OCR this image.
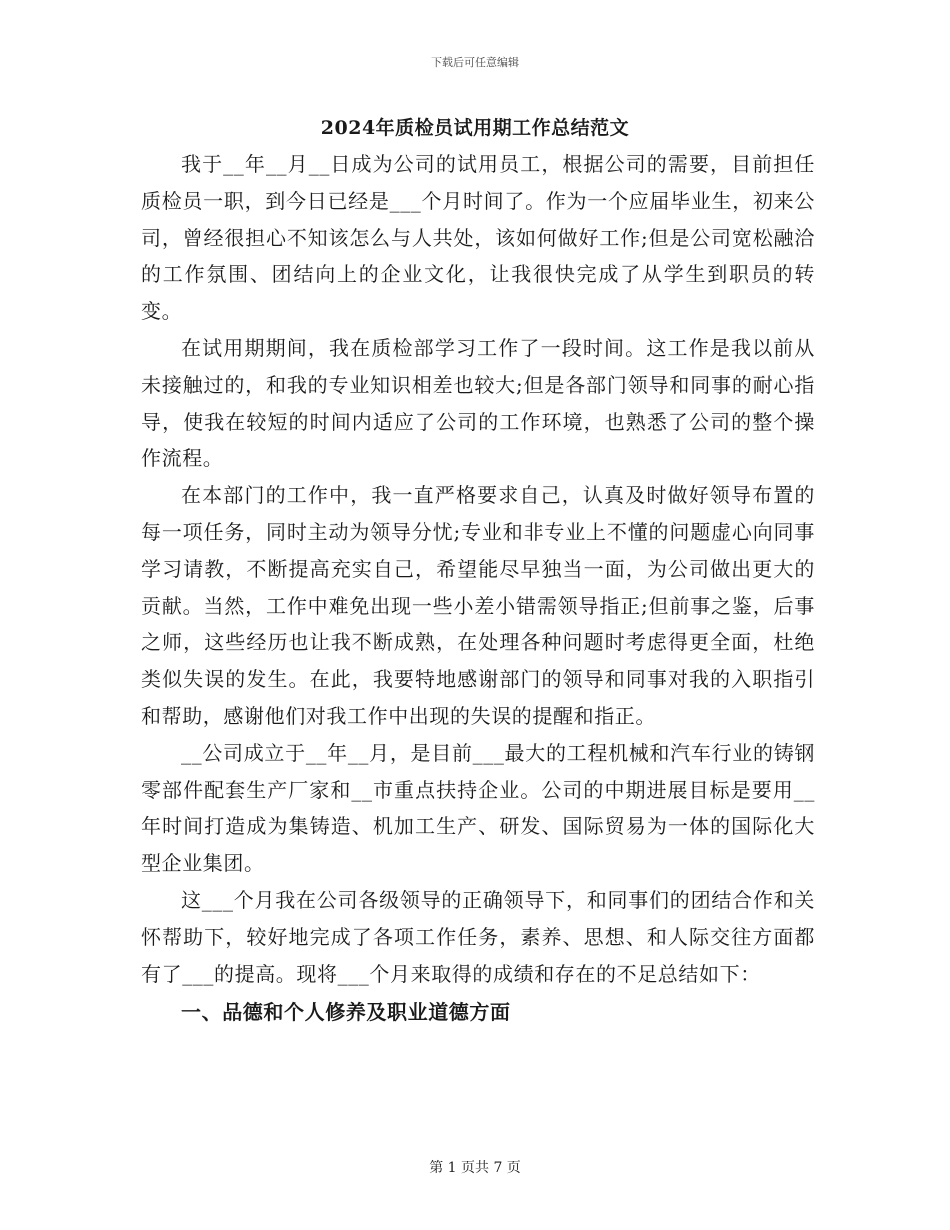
下载后可任意编辑
2024年质检员试用期工作总结范文

我于__年__月__日成为公司的试用员工，根据公司的需要，目前担任质检员一职，到今日已经是___个月时间了。作为一个应届毕业生，初来公司，曾经很担心不知该怎么与人共处，该如何做好工作;但是公司宽松融洽的工作氛围、团结向上的企业文化，让我很快完成了从学生到职员的转变。

在试用期期间，我在质检部学习工作了一段时间。这工作是我以前从未接触过的，和我的专业知识相差也较大;但是各部门领导和同事的耐心指导，使我在较短的时间内适应了公司的工作环境，也熟悉了公司的整个操作流程。

在本部门的工作中，我一直严格要求自己，认真及时做好领导布置的每一项任务，同时主动为领导分忧;专业和非专业上不懂的问题虚心向同事学习请教，不断提高充实自己，希望能尽早独当一面，为公司做出更大的贡献。当然，工作中难免出现一些小差小错需领导指正;但前事之鉴，后事之师，这些经历也让我不断成熟，在处理各种问题时考虑得更全面，杜绝类似失误的发生。在此，我要特地感谢部门的领导和同事对我的入职指引和帮助，感谢他们对我工作中出现的失误的提醒和指正。

__公司成立于__年__月，是目前___最大的工程机械和汽车行业的铸钢零部件配套生产厂家和__市重点扶持企业。公司的中期进展目标是要用__年时间打造成为集铸造、机加工生产、研发、国际贸易为一体的国际化大型企业集团。

这___个月我在公司各级领导的正确领导下，和同事们的团结合作和关怀帮助下，较好地完成了各项工作任务，素养、思想、和人际交往方面都有了___的提高。现将___个月来取得的成绩和存在的不足总结如下：

一、品德和个人修养及职业道德方面

第 1 页共 7 页
